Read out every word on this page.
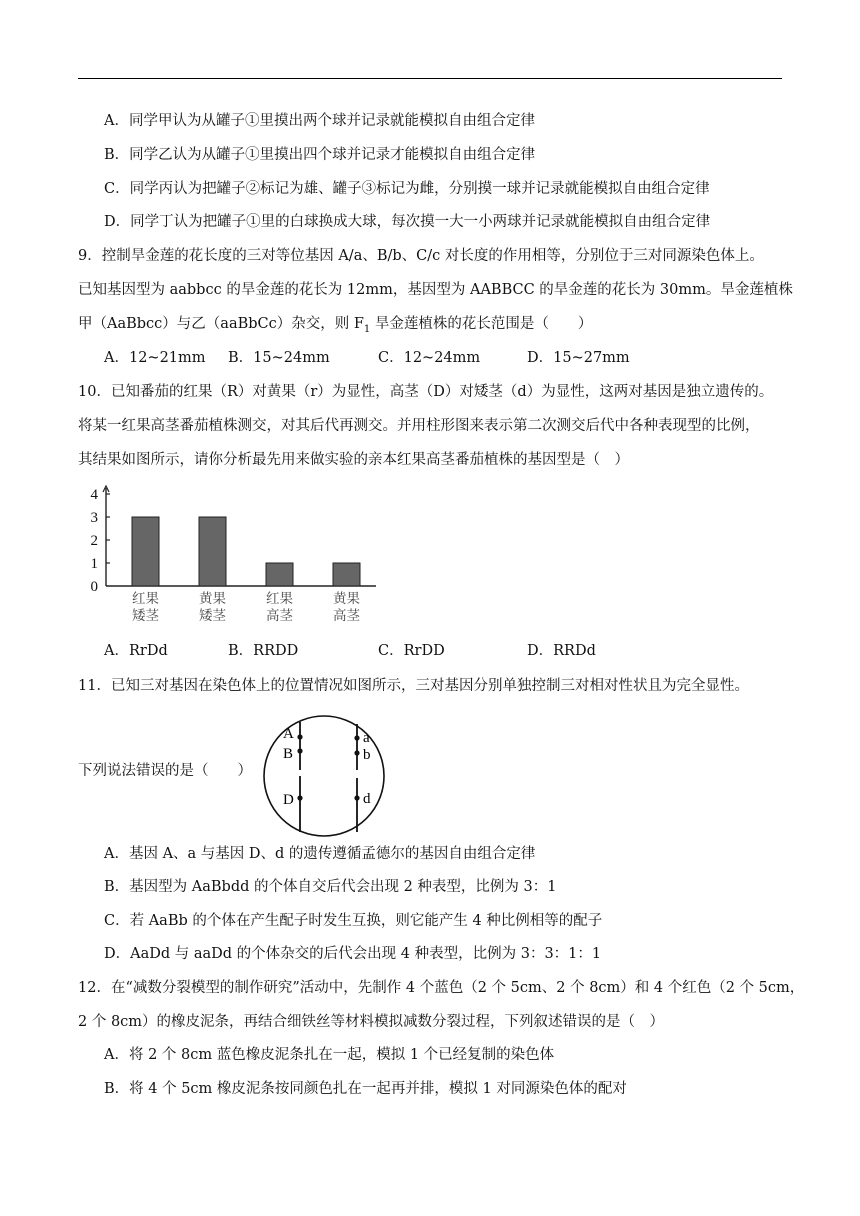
A．同学甲认为从罐子①里摸出两个球并记录就能模拟自由组合定律
B．同学乙认为从罐子①里摸出四个球并记录才能模拟自由组合定律
C．同学丙认为把罐子②标记为雄、罐子③标记为雌，分别摸一球并记录就能模拟自由组合定律
D．同学丁认为把罐子①里的白球换成大球，每次摸一大一小两球并记录就能模拟自由组合定律
9．控制旱金莲的花长度的三对等位基因 A/a、B/b、C/c 对长度的作用相等，分别位于三对同源染色体上。
已知基因型为 aabbcc 的旱金莲的花长为 12mm，基因型为 AABBCC 的旱金莲的花长为 30mm。旱金莲植株
甲（AaBbcc）与乙（aaBbCc）杂交，则 $F_1$ 旱金莲植株的花长范围是（　　）
A．12~21mm B．15~24mm	C．12~24mm	D．15~27mm
10．已知番茄的红果（R）对黄果（r）为显性，高茎（D）对矮茎（d）为显性，这两对基因是独立遗传的。
将某一红果高茎番茄植株测交，对其后代再测交。并用柱形图来表示第二次测交后代中各种表现型的比例，
其结果如图所示，请你分析最先用来做实验的亲本红果高茎番茄植株的基因型是（　）
0
1
2
3
4
红果
矮茎
黄果
矮茎
红果
高茎
黄果
高茎
A．RrDd	B．RRDD	C．RrDD	D．RRDd
11．已知三对基因在染色体上的位置情况如图所示，三对基因分别单独控制三对相对性状且为完全显性。
下列说法错误的是（　　）
A
B
D
a
b
d
A．基因 A、a 与基因 D、d 的遗传遵循孟德尔的基因自由组合定律
B．基因型为 AaBbdd 的个体自交后代会出现 2 种表型，比例为 3：1
C．若 AaBb 的个体在产生配子时发生互换，则它能产生 4 种比例相等的配子
D．AaDd 与 aaDd 的个体杂交的后代会出现 4 种表型，比例为 3：3：1：1
12．在“减数分裂模型的制作研究”活动中，先制作 4 个蓝色（2 个 5cm、2 个 8cm）和 4 个红色（2 个 5cm，
2 个 8cm）的橡皮泥条，再结合细铁丝等材料模拟减数分裂过程，下列叙述错误的是（　）
A．将 2 个 8cm 蓝色橡皮泥条扎在一起，模拟 1 个已经复制的染色体
B．将 4 个 5cm 橡皮泥条按同颜色扎在一起再并排，模拟 1 对同源染色体的配对
